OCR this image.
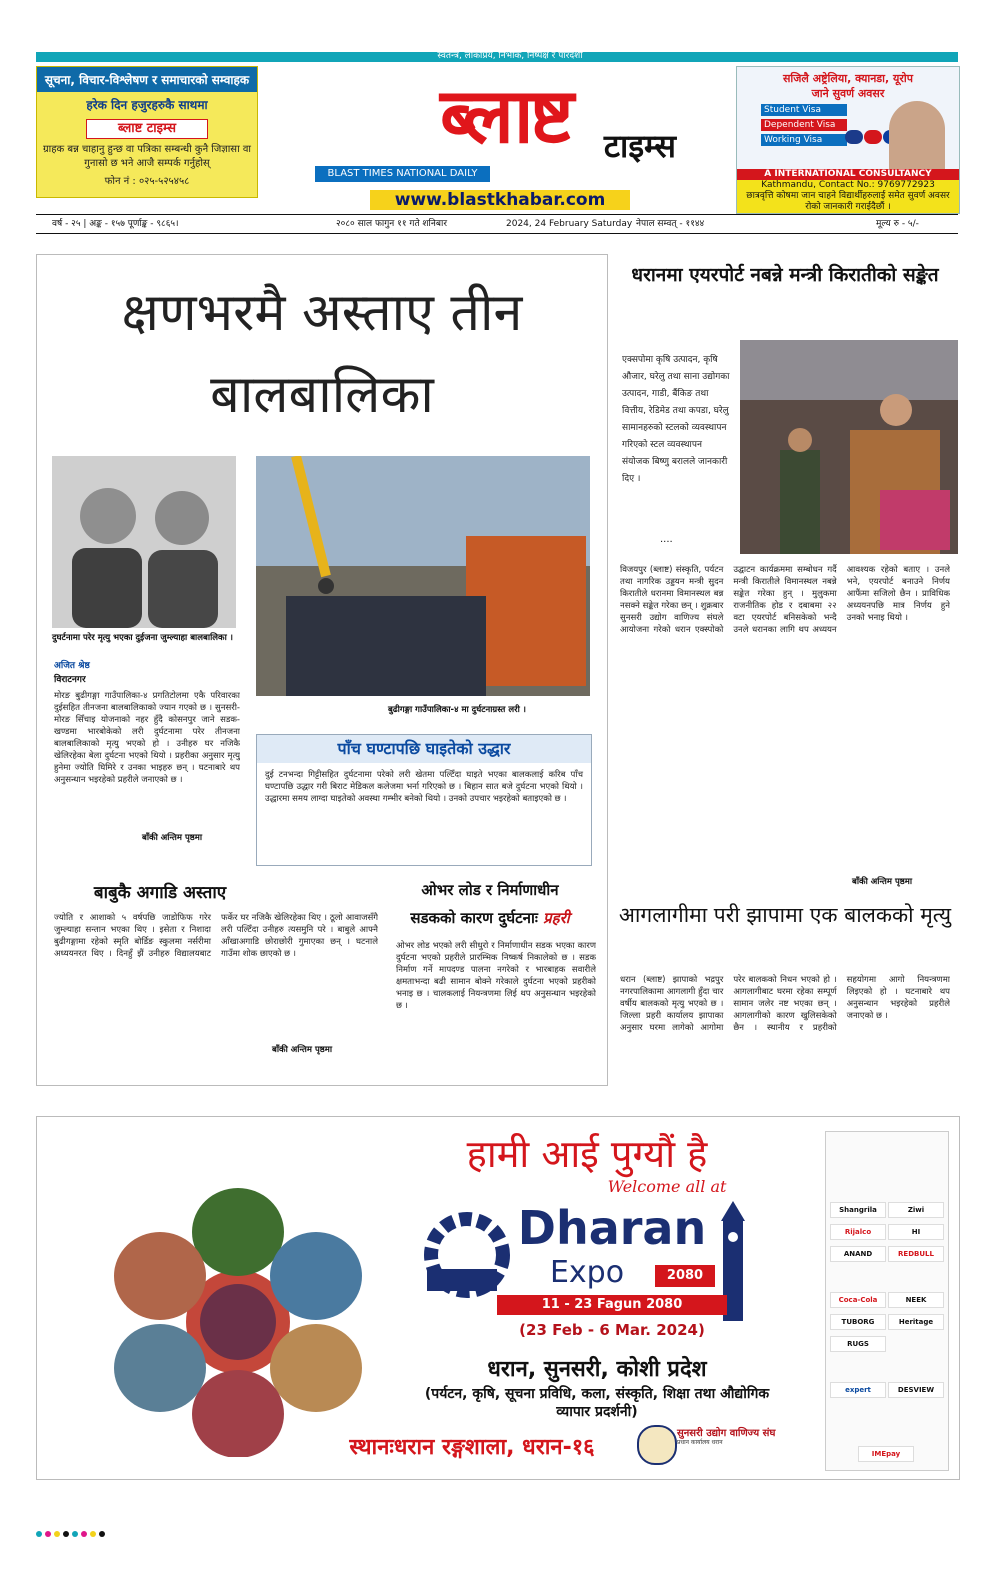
स्वतन्त्र, लोकप्रिय, निर्भीक, निष्पक्ष र पारदर्शी
सूचना, विचार-विश्लेषण र समाचारको सम्वाहक
हरेक दिन हजुरहरुकै साथमा
ब्लाष्ट टाइम्स
ग्राहक बन्न चाहानु हुन्छ वा पत्रिका सम्बन्धी कुनै जिज्ञासा वा गुनासो छ भने आजै सम्पर्क गर्नुहोस्
फोन नं : ०२५-५२५४५८
ब्लाष्ट	टाइम्स
BLAST TIMES NATIONAL DAILY
www.blastkhabar.com
सजिलै अष्ट्रेलिया, क्यानडा, यूरोप
जाने सुवर्ण अवसर
Student Visa
Dependent Visa
Working Visa
A INTERNATIONAL CONSULTANCY
Kathmandu, Contact No.: 9769772923
छात्रवृत्ति कोषमा जान चाहने विद्यार्थीहरुलाई समेत सुवर्ण अवसर
रोको जानकारी गराईदैछौं ।
वर्ष - २५ | अङ्क - १५७ पूर्णाङ्क - ९८६५।	२०८० साल फागुन ११ गते शनिबार	2024, 24 February Saturday नेपाल सम्वत् - ११४४	मूल्य रु - ५/-
क्षणभरमै अस्ताए तीन बालबालिका
दुघर्टनामा परेर मृत्यु भएका दुईजना जुम्ल्याहा बालबालिका ।
बुढीगङ्गा गाउँपालिका-४ मा दुर्घटनाग्रस्त लरी ।
अजित श्रेष्ठ
विराटनगर
मोरङ बुढीगङ्गा गाउँपालिका-४ प्रगतिटोलमा एकै परिवारका दुईसहित तीनजना बालबालिकाको ज्यान गएको छ । सुनसरी-मोरङ सिँचाइ योजनाको नहर हुँदै कोसनपुर जाने सडक-खण्डमा भारबोकेको लरी दुर्घटनामा परेर तीनजना बालबालिकाको मृत्यु भएको हो । उनीहरु घर नजिकै खेलिरहेका बेला दुर्घटना भएको थियो । प्रहरीका अनुसार मृत्यु हुनेमा ज्योति घिमिरे र उनका भाइहरु छन् । घटनाबारे थप अनुसन्धान भइरहेको प्रहरीले जनाएको छ ।
बाँकी अन्तिम पृष्ठमा
पाँच घण्टापछि घाइतेको उद्धार
दुई टनभन्दा गिट्टीसहित दुर्घटनामा परेको लरी खेतमा पल्टिँदा घाइते भएका बालकलाई करिब पाँच घण्टापछि उद्धार गरी बिराट मेडिकल कलेजमा भर्ना गरिएको छ । बिहान सात बजे दुर्घटना भएको थियो । उद्धारमा समय लाग्दा घाइतेको अवस्था गम्भीर बनेको थियो । उनको उपचार भइरहेको बताइएको छ ।
बाबुकै अगाडि अस्ताए
ज्योति र आशाको ५ वर्षपछि जाडोफिफ गरेर जुम्ल्याहा सन्तान भएका थिए । इसेता र निशादा बुढीगङ्गामा रहेको स्मृति बोर्डिङ स्कुलमा नर्सरीमा अध्ययनरत थिए । दिनहुँ झैं उनीहरु विद्यालयबाट फर्केर घर नजिकै खेलिरहेका थिए । ठूलो आवाजसँगै लरी पल्टिँदा उनीहरु त्यसमुनि परे । बाबुले आफ्नै आँखाअगाडि छोराछोरी गुमाएका छन् । घटनाले गाउँमा शोक छाएको छ ।
बाँकी अन्तिम पृष्ठमा
ओभर लोड र निर्माणाधीन
सडकको कारण दुर्घटनाः प्रहरी
ओभर लोड भएको लरी सीधुरो र निर्माणाधीन सडक भएका कारण दुर्घटना भएको प्रहरीले प्रारम्भिक निष्कर्ष निकालेको छ । सडक निर्माण गर्ने मापदण्ड पालना नगरेको र भारबाहक सवारीले क्षमताभन्दा बढी सामान बोक्ने गरेकाले दुर्घटना भएको प्रहरीको भनाइ छ । चालकलाई नियन्त्रणमा लिई थप अनुसन्धान भइरहेको छ ।
धरानमा एयरपोर्ट नबन्ने मन्त्री किरातीको सङ्केत
एक्सपोमा कृषि उत्पादन, कृषि औजार, घरेलु तथा साना उद्योगका उत्पादन, गाडी, बैंकिङ तथा वित्तीय, रेडिमेड तथा कपडा, घरेलु सामानहरुको स्टलको व्यवस्थापन गरिएको स्टल व्यवस्थापन संयोजक बिष्णु बरालले जानकारी दिए ।
....
विजयपुर (ब्लाष्ट) संस्कृति, पर्यटन तथा नागरिक उड्डयन मन्त्री सुदन किरातीले धरानमा विमानस्थल बन्न नसक्ने सङ्केत गरेका छन् । शुक्रबार सुनसरी उद्योग वाणिज्य संघले आयोजना गरेको धरान एक्स्पोको उद्घाटन कार्यक्रममा सम्बोधन गर्दै मन्त्री किरातीले विमानस्थल नबन्ने सङ्केत गरेका हुन् । मुलुकमा राजनीतिक होड र दबाबमा २२ वटा एयरपोर्ट बनिसकेको भन्दै उनले धरानका लागि थप अध्ययन आवश्यक रहेको बताए । उनले भने, एयरपोर्ट बनाउने निर्णय आफैंमा सजिलो छैन । प्राविधिक अध्ययनपछि मात्र निर्णय हुने उनको भनाइ थियो ।
बाँकी अन्तिम पृष्ठमा
आगलागीमा परी झापामा एक बालकको मृत्यु
धरान (ब्लाष्ट) झापाको भद्रपुर नगरपालिकामा आगलागी हुँदा चार वर्षीय बालकको मृत्यु भएको छ । जिल्ला प्रहरी कार्यालय झापाका अनुसार घरमा लागेको आगोमा परेर बालकको निधन भएको हो । आगलागीबाट घरमा रहेका सम्पूर्ण सामान जलेर नष्ट भएका छन् । आगलागीको कारण खुलिसकेको छैन । स्थानीय र प्रहरीको सहयोगमा आगो नियन्त्रणमा लिइएको हो । घटनाबारे थप अनुसन्धान भइरहेको प्रहरीले जनाएको छ ।
हामी आई पुग्यौं है
Welcome all at
Dharan
Expo	2080
11 - 23 Fagun 2080
(23 Feb - 6 Mar. 2024)
धरान, सुनसरी, कोशी प्रदेश
(पर्यटन, कृषि, सूचना प्रविधि, कला, संस्कृति, शिक्षा तथा औद्योगिक व्यापार प्रदर्शनी)
स्थानःधरान रङ्गशाला, धरान-१६
सुनसरी उद्योग वाणिज्य संघ
प्रधान कार्यालय धरान
Shangrila	Ziwi
Rijalco	HI
ANAND	REDBULL
Coca-Cola	NEEK
TUBORG	Heritage
RUGS
expert	DESVIEW
IMEpay
